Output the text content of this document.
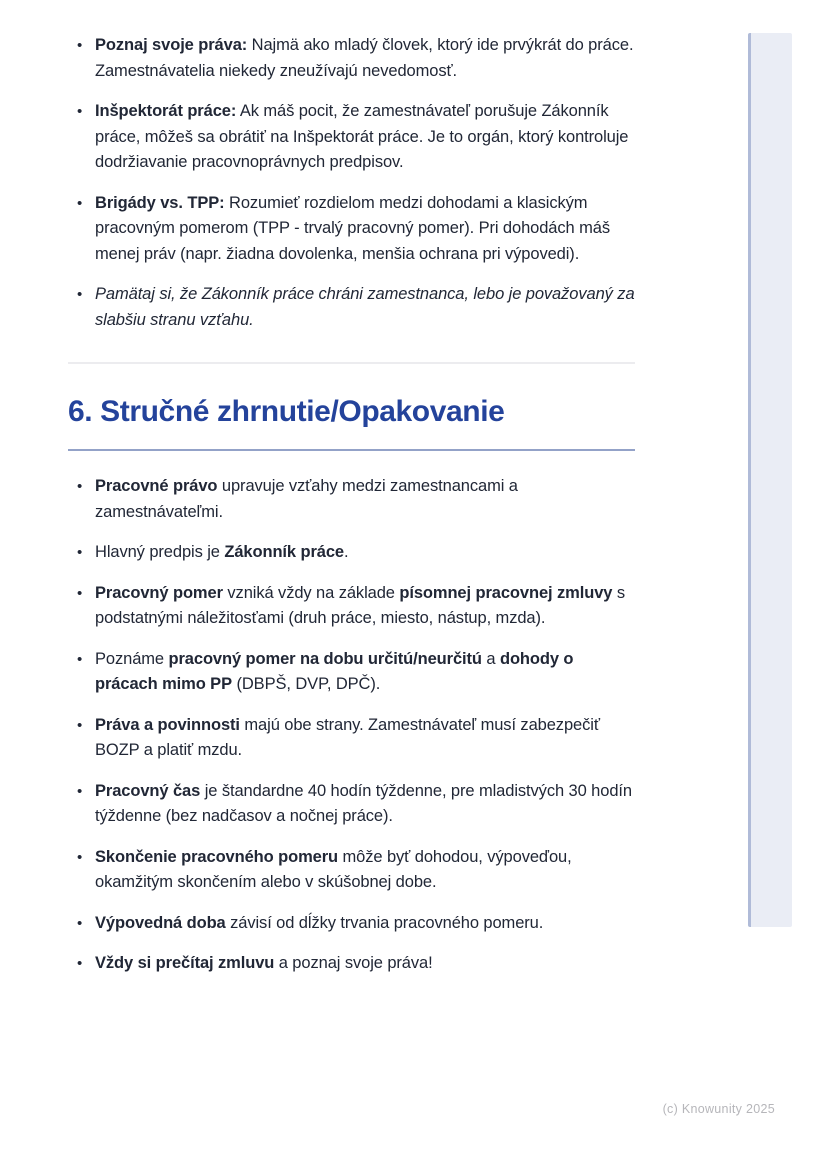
• Poznaj svoje práva: Najmä ako mladý človek, ktorý ide prvýkrát do práce. Zamestnávatelia niekedy zneužívajú nevedomosť.
• Inšpektorát práce: Ak máš pocit, že zamestnávateľ porušuje Zákonník práce, môžeš sa obrátiť na Inšpektorát práce. Je to orgán, ktorý kontroluje dodržiavanie pracovnoprávnych predpisov.
• Brigády vs. TPP: Rozumieť rozdielom medzi dohodami a klasickým pracovným pomerom (TPP - trvalý pracovný pomer). Pri dohodách máš menej práv (napr. žiadna dovolenka, menšia ochrana pri výpovedi).
• Pamätaj si, že Zákonník práce chráni zamestnanca, lebo je považovaný za slabšiu stranu vzťahu.
6. Stručné zhrnutie/Opakovanie
• Pracovné právo upravuje vzťahy medzi zamestnancami a zamestnávateľmi.
• Hlavný predpis je Zákonník práce.
• Pracovný pomer vzniká vždy na základe písomnej pracovnej zmluvy s podstatnými náležitosťami (druh práce, miesto, nástup, mzda).
• Poznáme pracovný pomer na dobu určitú/neurčitú a dohody o prácach mimo PP (DBPŠ, DVP, DPČ).
• Práva a povinnosti majú obe strany. Zamestnávateľ musí zabezpečiť BOZP a platiť mzdu.
• Pracovný čas je štandardne 40 hodín týždenne, pre mladistvých 30 hodín týždenne (bez nadčasov a nočnej práce).
• Skončenie pracovného pomeru môže byť dohodou, výpoveďou, okamžitým skončením alebo v skúšobnej dobe.
• Výpovedná doba závisí od dĺžky trvania pracovného pomeru.
• Vždy si prečítaj zmluvu a poznaj svoje práva!
(c) Knowunity 2025
